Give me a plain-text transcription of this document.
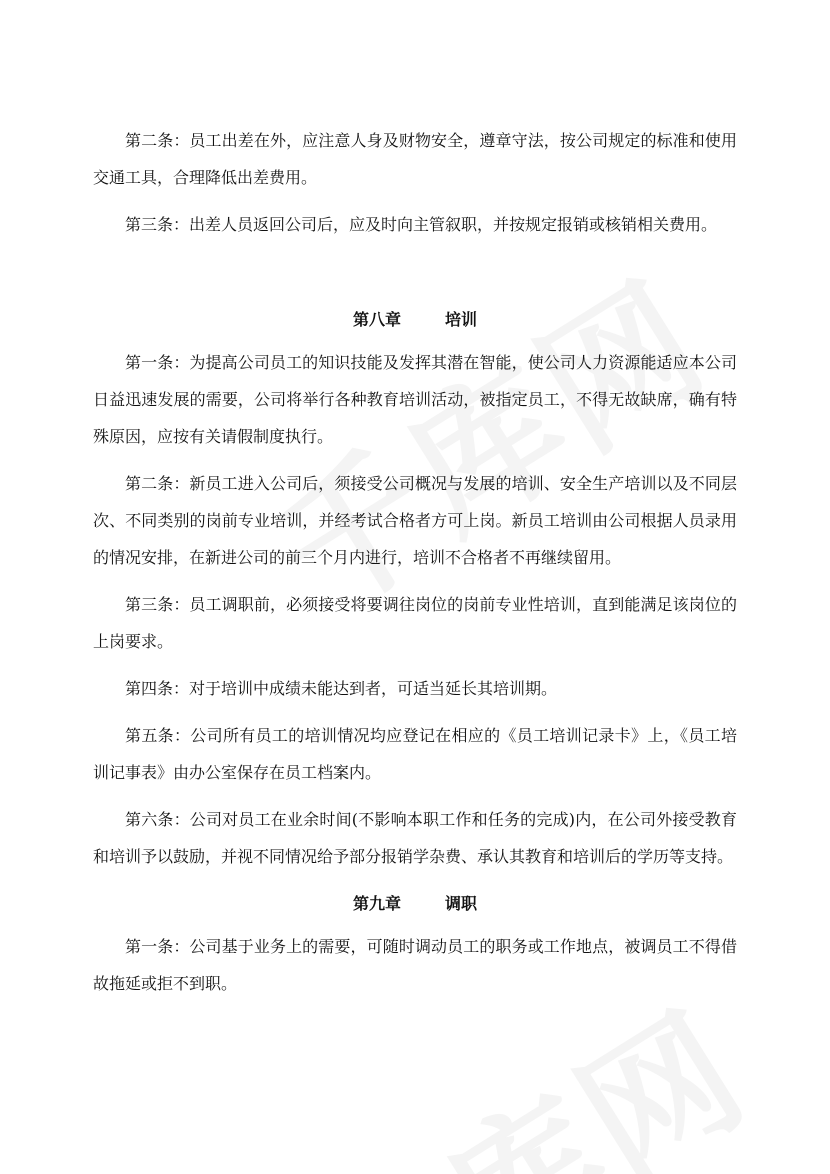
第二条：员工出差在外，应注意人身及财物安全，遵章守法，按公司规定的标准和使用交通工具，合理降低出差费用。

第三条：出差人员返回公司后，应及时向主管叙职，并按规定报销或核销相关费用。

第八章	培训

第一条：为提高公司员工的知识技能及发挥其潜在智能，使公司人力资源能适应本公司日益迅速发展的需要，公司将举行各种教育培训活动，被指定员工，不得无故缺席，确有特殊原因，应按有关请假制度执行。

第二条：新员工进入公司后，须接受公司概况与发展的培训、安全生产培训以及不同层次、不同类别的岗前专业培训，并经考试合格者方可上岗。新员工培训由公司根据人员录用的情况安排，在新进公司的前三个月内进行，培训不合格者不再继续留用。

第三条：员工调职前，必须接受将要调往岗位的岗前专业性培训，直到能满足该岗位的上岗要求。

第四条：对于培训中成绩未能达到者，可适当延长其培训期。

第五条：公司所有员工的培训情况均应登记在相应的《员工培训记录卡》上，《员工培训记事表》由办公室保存在员工档案内。

第六条：公司对员工在业余时间(不影响本职工作和任务的完成)内，在公司外接受教育和培训予以鼓励，并视不同情况给予部分报销学杂费、承认其教育和培训后的学历等支持。

第九章	调职

第一条：公司基于业务上的需要，可随时调动员工的职务或工作地点，被调员工不得借故拖延或拒不到职。
